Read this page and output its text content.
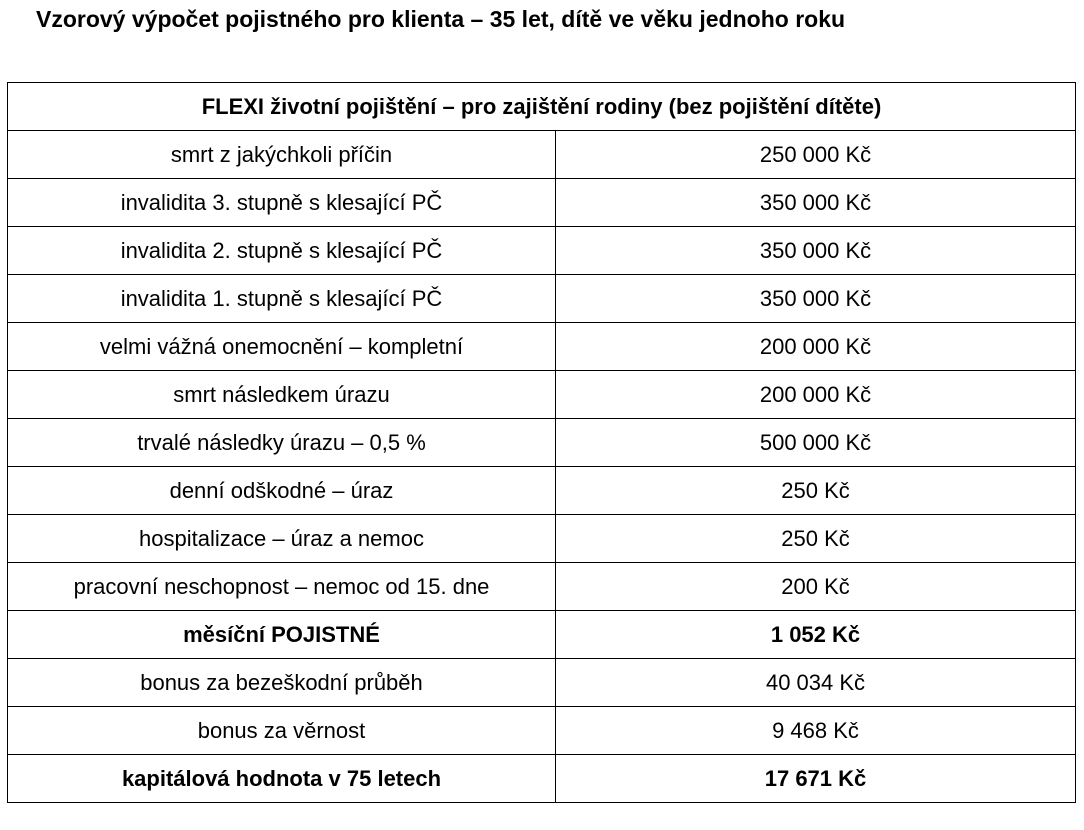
Vzorový výpočet pojistného pro klienta – 35 let, dítě ve věku jednoho roku
FLEXI životní pojištění – pro zajištění rodiny (bez pojištění dítěte)	
smrt z jakýchkoli příčin	250 000 Kč
invalidita 3. stupně s klesající PČ	350 000 Kč
invalidita 2. stupně s klesající PČ	350 000 Kč
invalidita 1. stupně s klesající PČ	350 000 Kč
velmi vážná onemocnění – kompletní	200 000 Kč
smrt následkem úrazu	200 000 Kč
trvalé následky úrazu – 0,5 %	500 000 Kč
denní odškodné – úraz	250 Kč
hospitalizace – úraz a nemoc	250 Kč
pracovní neschopnost – nemoc od 15. dne	200 Kč
měsíční POJISTNÉ	1 052 Kč
bonus za bezeškodní průběh	40 034 Kč
bonus za věrnost	9 468 Kč
kapitálová hodnota v 75 letech	17 671 Kč
